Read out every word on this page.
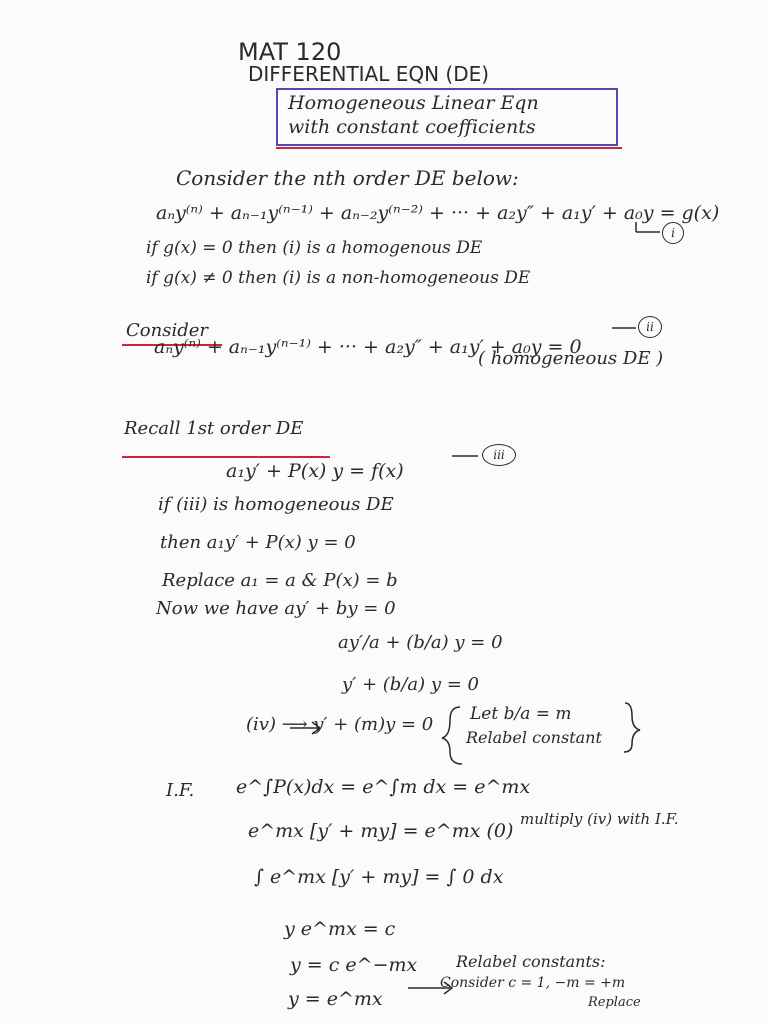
MAT 120
DIFFERENTIAL EQN (DE)
Homogeneous Linear Eqn
with constant coefficients
Consider the nth order DE below:
aₙy⁽ⁿ⁾ + aₙ₋₁y⁽ⁿ⁻¹⁾ + aₙ₋₂y⁽ⁿ⁻²⁾ + ··· + a₂y″ + a₁y′ + a₀y = g(x)
i
if g(x) = 0 then (i) is a homogenous DE
if g(x) ≠ 0 then (i) is a non-homogeneous DE
Consider
aₙy⁽ⁿ⁾ + aₙ₋₁y⁽ⁿ⁻¹⁾ + ··· + a₂y″ + a₁y′ + a₀y = 0
ii
( homogeneous DE )
Recall 1st order DE
a₁y′ + P(x) y = f(x)
iii
if (iii) is homogeneous DE
then a₁y′ + P(x) y = 0
Replace a₁ = a & P(x) = b
Now we have ay′ + by = 0
ay′/a + (b/a) y = 0
y′ + (b/a) y = 0
(iv) ⟶ y′ + (m)y = 0 Let b/a = m
Relabel constant
I.F. e^∫P(x)dx = e^∫m dx = e^mx
e^mx [y′ + my] = e^mx (0)
multiply (iv) with I.F.
∫ e^mx [y′ + my] = ∫ 0 dx
y e^mx = c
y = c e^−mx
y = e^mx
Relabel constants:
Consider c = 1, −m = +m
Replace
